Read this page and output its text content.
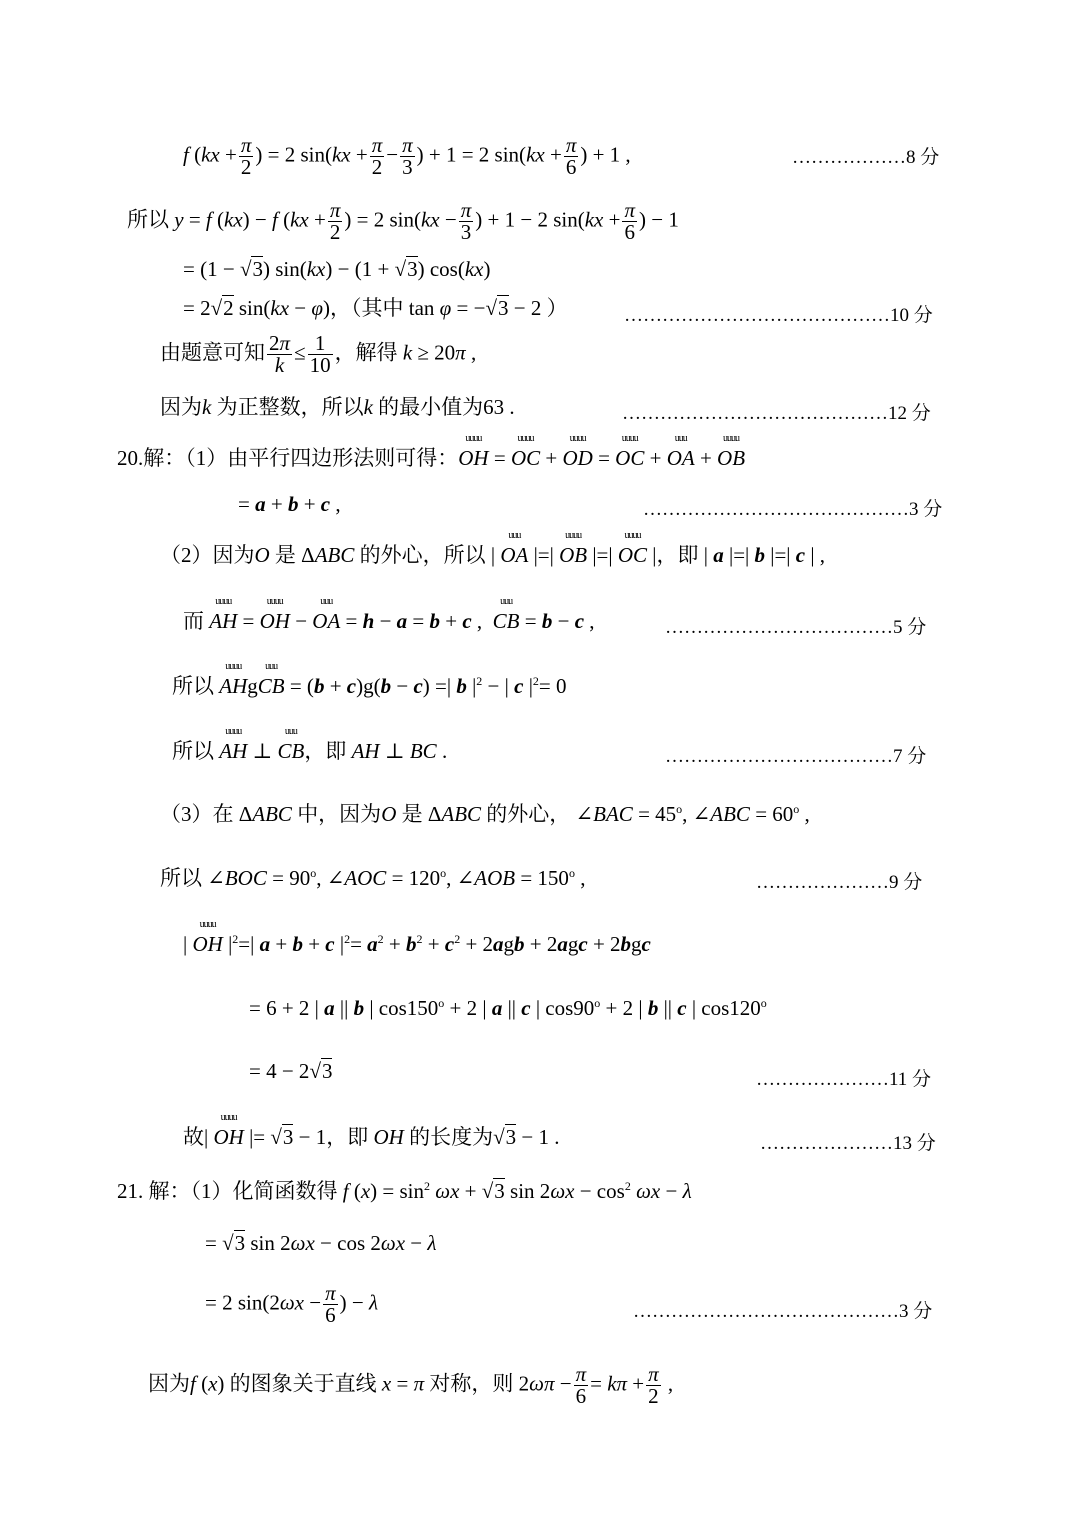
f ($kx + \frac{\pi}{2}$ ) = 2 $\sin(kx + \frac{\pi}{2} - \frac{\pi}{3}$ ) + 1 = 2 $\sin(kx + \frac{\pi}{6}$ ) + 1 ,	………………8 分
所以 y = f (kx) − f ($kx + \frac{\pi}{2}$ ) = 2 $\sin(kx - \frac{\pi}{3}$ ) + 1 − 2 $\sin(kx + \frac{\pi}{6}$ ) − 1
= (1 − √3) sin(kx) − (1 + √3) cos(kx)
= 2√2 sin(kx − φ)，（其中 tan φ = −√3 − 2 ）	……………………………………10 分
由题意可知 $\frac{2\pi}{k} \le \frac{1}{10}$ ，解得 k ≥ 20π ,
因为k 为正整数，所以k 的最小值为63 .	……………………………………12 分
20.解：（1）由平行四边形法则可得：OH
uuuu
= OC
uuuu
+ OD
uuuu
= OC
uuuu
+ OA
uuu
+ OB
uuuu
= a + b + c ,	……………………………………3 分
（2）因为O 是 ΔABC 的外心，所以 | OA
uuu
|=| OB
uuuu
|=| OC
uuuu
|，即 | a |=| b |=| c | ,
而 AH
uuuu
= OH
uuuu
− OA
uuu
= h − a = b + c ,  CB
uuu
= b − c ,	………………………………5 分
所以 AH
uuuu
gCB
uuu
= (b + c)g(b − c) =| b $|^2$ − | c $|^2= 0$
所以 AH
uuuu
⊥ CB
uuu
，即 AH ⊥ BC .	………………………………7 分
（3）在 ΔABC 中，因为O 是 ΔABC 的外心， ∠BAC = $45^o$, ∠ABC = $60^o$ ,
所以 ∠BOC = $90^o$, ∠AOC = $120^o$, ∠AOB = $150^o$ ,	…………………9 分
| OH
uuuu
$|^2=|$ a + b + c $|^2= a^2 + b^2 + c^2 + 2agb + 2agc + 2bgc$
= 6 + 2 | a || b | $\cos 150^o + 2$ | a || c | $\cos 90^o + 2$ | b || c | $\cos 120^o$
= 4 − 2√3	…………………11 分
故| OH
uuuu
|= √3 − 1，即 OH 的长度为√3 − 1 .	…………………13 分
21. 解：（1）化简函数得 f $(x) = \sin^2 \omega x + √3$ $\sin 2\omega x - \cos^2 \omega x - \lambda$
= √3 sin 2ωx − cos 2ωx − λ
= 2 $\sin(2\omega x - \frac{\pi}{6}$ ) − λ	……………………………………3 分
因为f (x) 的图象关于直线 x = π 对称，则 $2\omega\pi - \frac{\pi}{6} = k\pi + \frac{\pi}{2}$ ,
